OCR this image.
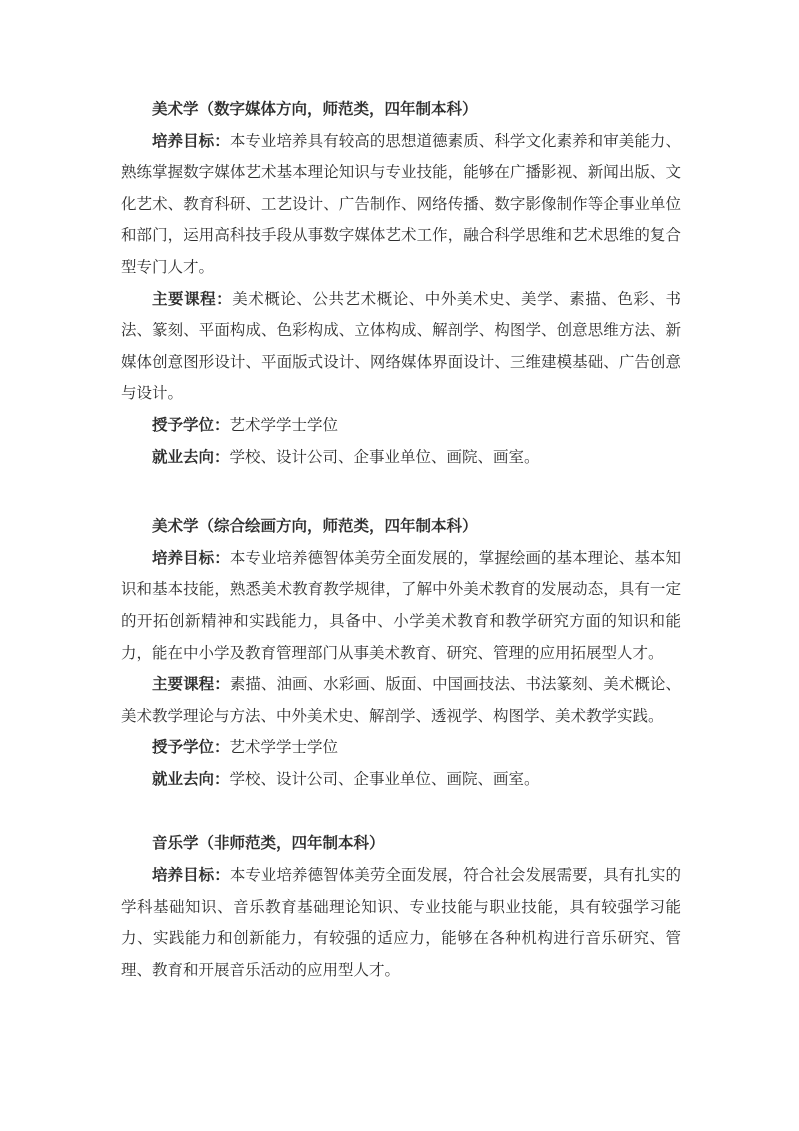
美术学（数字媒体方向，师范类，四年制本科）

培养目标：本专业培养具有较高的思想道德素质、科学文化素养和审美能力、熟练掌握数字媒体艺术基本理论知识与专业技能，能够在广播影视、新闻出版、文化艺术、教育科研、工艺设计、广告制作、网络传播、数字影像制作等企事业单位和部门，运用高科技手段从事数字媒体艺术工作，融合科学思维和艺术思维的复合型专门人才。

主要课程：美术概论、公共艺术概论、中外美术史、美学、素描、色彩、书法、篆刻、平面构成、色彩构成、立体构成、解剖学、构图学、创意思维方法、新媒体创意图形设计、平面版式设计、网络媒体界面设计、三维建模基础、广告创意与设计。

授予学位：艺术学学士学位

就业去向：学校、设计公司、企事业单位、画院、画室。

美术学（综合绘画方向，师范类，四年制本科）

培养目标：本专业培养德智体美劳全面发展的，掌握绘画的基本理论、基本知识和基本技能，熟悉美术教育教学规律，了解中外美术教育的发展动态，具有一定的开拓创新精神和实践能力，具备中、小学美术教育和教学研究方面的知识和能力，能在中小学及教育管理部门从事美术教育、研究、管理的应用拓展型人才。

主要课程：素描、油画、水彩画、版面、中国画技法、书法篆刻、美术概论、美术教学理论与方法、中外美术史、解剖学、透视学、构图学、美术教学实践。

授予学位：艺术学学士学位

就业去向：学校、设计公司、企事业单位、画院、画室。

音乐学（非师范类，四年制本科）

培养目标：本专业培养德智体美劳全面发展，符合社会发展需要，具有扎实的学科基础知识、音乐教育基础理论知识、专业技能与职业技能，具有较强学习能力、实践能力和创新能力，有较强的适应力，能够在各种机构进行音乐研究、管理、教育和开展音乐活动的应用型人才。
